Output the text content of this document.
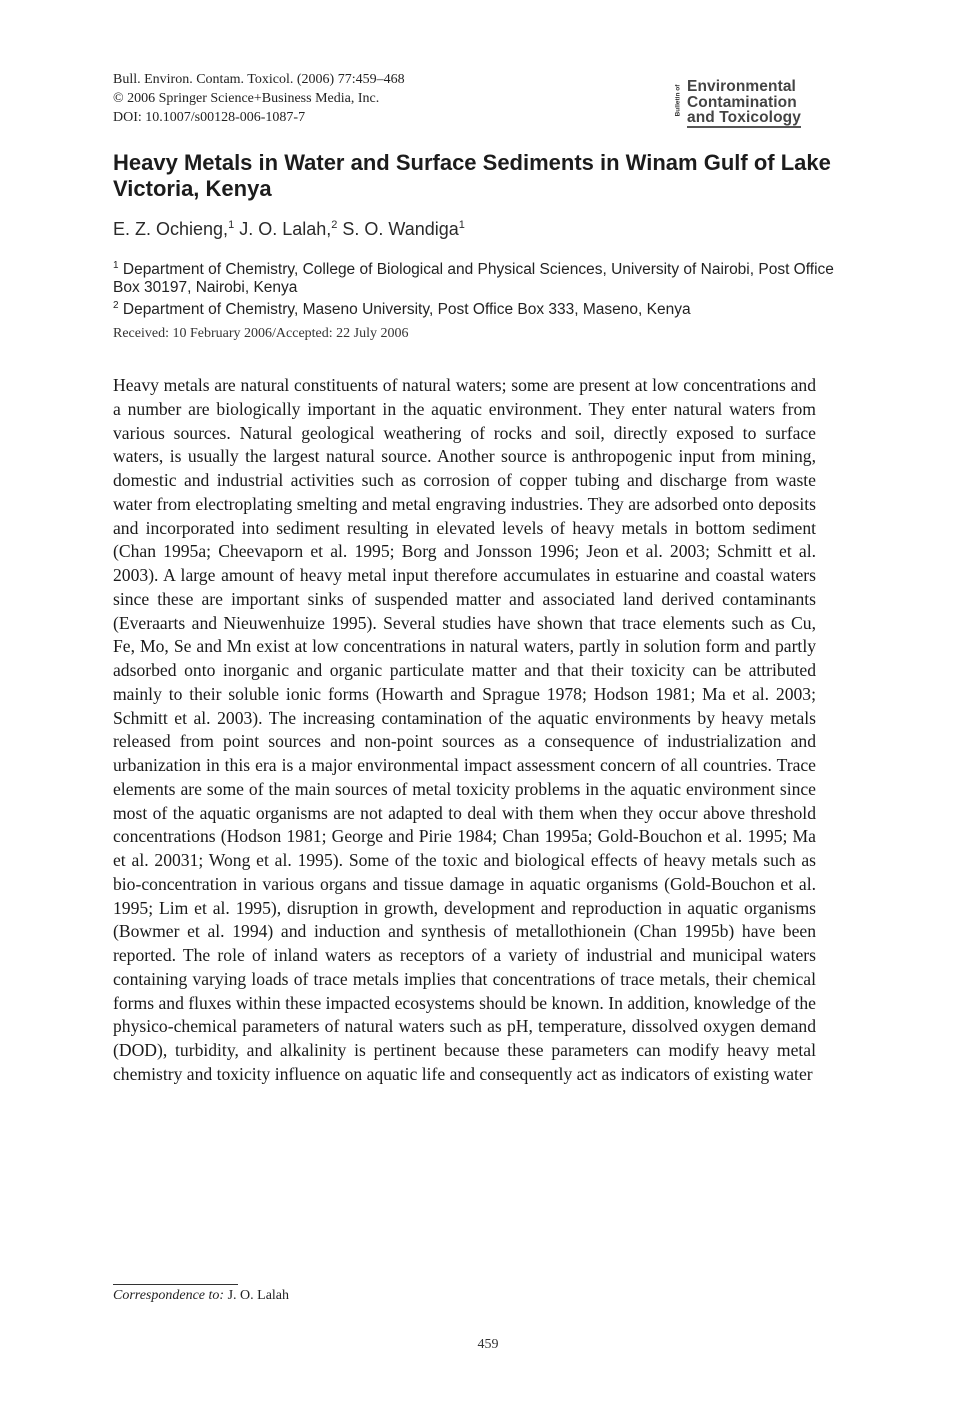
Bull. Environ. Contam. Toxicol. (2006) 77:459–468
© 2006 Springer Science+Business Media, Inc.
DOI: 10.1007/s00128-006-1087-7
Bulletin of Environmental
Contamination
and Toxicology
Heavy Metals in Water and Surface Sediments in Winam Gulf of Lake Victoria, Kenya
E. Z. Ochieng,$^1$ J. O. Lalah,$^2$ S. O. Wandiga$^1$
$^1$ Department of Chemistry, College of Biological and Physical Sciences, University of Nairobi, Post Office Box 30197, Nairobi, Kenya
$^2$ Department of Chemistry, Maseno University, Post Office Box 333, Maseno, Kenya
Received: 10 February 2006/Accepted: 22 July 2006
Heavy metals are natural constituents of natural waters; some are present at low concentrations and a number are biologically important in the aquatic environment. They enter natural waters from various sources. Natural geological weathering of rocks and soil, directly exposed to surface waters, is usually the largest natural source. Another source is anthropogenic input from mining, domestic and industrial activities such as corrosion of copper tubing and discharge from waste water from electroplating smelting and metal engraving industries. They are adsorbed onto deposits and incorporated into sediment resulting in elevated levels of heavy metals in bottom sediment (Chan 1995a; Cheevaporn et al. 1995; Borg and Jonsson 1996; Jeon et al. 2003; Schmitt et al. 2003). A large amount of heavy metal input therefore accumulates in estuarine and coastal waters since these are important sinks of suspended matter and associated land derived contaminants (Everaarts and Nieuwenhuize 1995). Several studies have shown that trace elements such as Cu, Fe, Mo, Se and Mn exist at low concentrations in natural waters, partly in solution form and partly adsorbed onto inorganic and organic particulate matter and that their toxicity can be attributed mainly to their soluble ionic forms (Howarth and Sprague 1978; Hodson 1981; Ma et al. 2003; Schmitt et al. 2003). The increasing contamination of the aquatic environments by heavy metals released from point sources and non-point sources as a consequence of industrialization and urbanization in this era is a major environmental impact assessment concern of all countries. Trace elements are some of the main sources of metal toxicity problems in the aquatic environment since most of the aquatic organisms are not adapted to deal with them when they occur above threshold concentrations (Hodson 1981; George and Pirie 1984; Chan 1995a; Gold-Bouchon et al. 1995; Ma et al. 20031; Wong et al. 1995). Some of the toxic and biological effects of heavy metals such as bio-concentration in various organs and tissue damage in aquatic organisms (Gold-Bouchon et al. 1995; Lim et al. 1995), disruption in growth, development and reproduction in aquatic organisms (Bowmer et al. 1994) and induction and synthesis of metallothionein (Chan 1995b) have been reported. The role of inland waters as receptors of a variety of industrial and municipal waters containing varying loads of trace metals implies that concentrations of trace metals, their chemical forms and fluxes within these impacted ecosystems should be known. In addition, knowledge of the physico-chemical parameters of natural waters such as pH, temperature, dissolved oxygen demand (DOD), turbidity, and alkalinity is pertinent because these parameters can modify heavy metal chemistry and toxicity influence on aquatic life and consequently act as indicators of existing water
Correspondence to: J. O. Lalah
459
